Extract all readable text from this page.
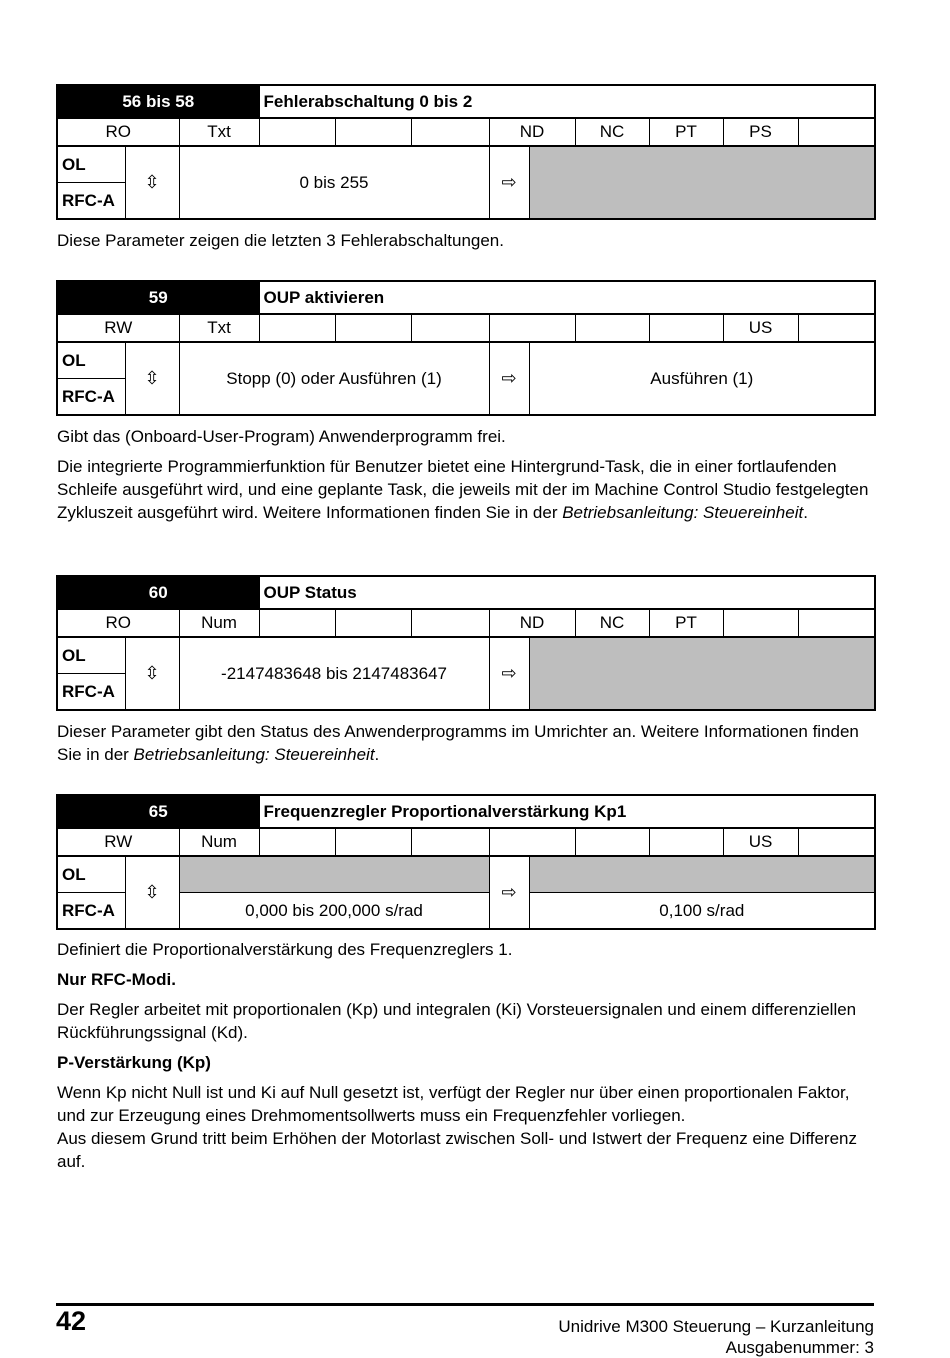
56 bis 58			Fehlerabschaltung 0 bis 2								
RO		Txt				ND		NC	PT	PS	
OL	⇳	0 bis 255				⇨					
RFC-A											

Diese Parameter zeigen die letzten 3 Fehlerabschaltungen.

59			OUP aktivieren								
RW		Txt								US	
OL	⇳	Stopp (0) oder Ausführen (1)				⇨	Ausführen (1)				
RFC-A											

Gibt das (Onboard-User-Program) Anwenderprogramm frei.

Die integrierte Programmierfunktion für Benutzer bietet eine Hintergrund-Task, die in einer fortlaufenden Schleife ausgeführt wird, und eine geplante Task, die jeweils mit der im Machine Control Studio festgelegten Zykluszeit ausgeführt wird. Weitere Informationen finden Sie in der Betriebsanleitung: Steuereinheit.

60			OUP Status								
RO		Num				ND		NC	PT		
OL	⇳	-2147483648 bis 2147483647				⇨					
RFC-A											

Dieser Parameter gibt den Status des Anwenderprogramms im Umrichter an. Weitere Informationen finden Sie in der Betriebsanleitung: Steuereinheit.

65			Frequenzregler Proportionalverstärkung Kp1								
RW		Num								US	
OL	⇳					⇨					
RFC-A		0,000 bis 200,000 s/rad					0,100 s/rad				

Definiert die Proportionalverstärkung des Frequenzreglers 1.

Nur RFC-Modi.

Der Regler arbeitet mit proportionalen (Kp) und integralen (Ki) Vorsteuersignalen und einem differenziellen Rückführungssignal (Kd).

P-Verstärkung (Kp)

Wenn Kp nicht Null ist und Ki auf Null gesetzt ist, verfügt der Regler nur über einen proportionalen Faktor, und zur Erzeugung eines Drehmomentsollwerts muss ein Frequenzfehler vorliegen.

Aus diesem Grund tritt beim Erhöhen der Motorlast zwischen Soll- und Istwert der Frequenz eine Differenz auf.

42	Unidrive M300 Steuerung – Kurzanleitung
Ausgabenummer: 3
